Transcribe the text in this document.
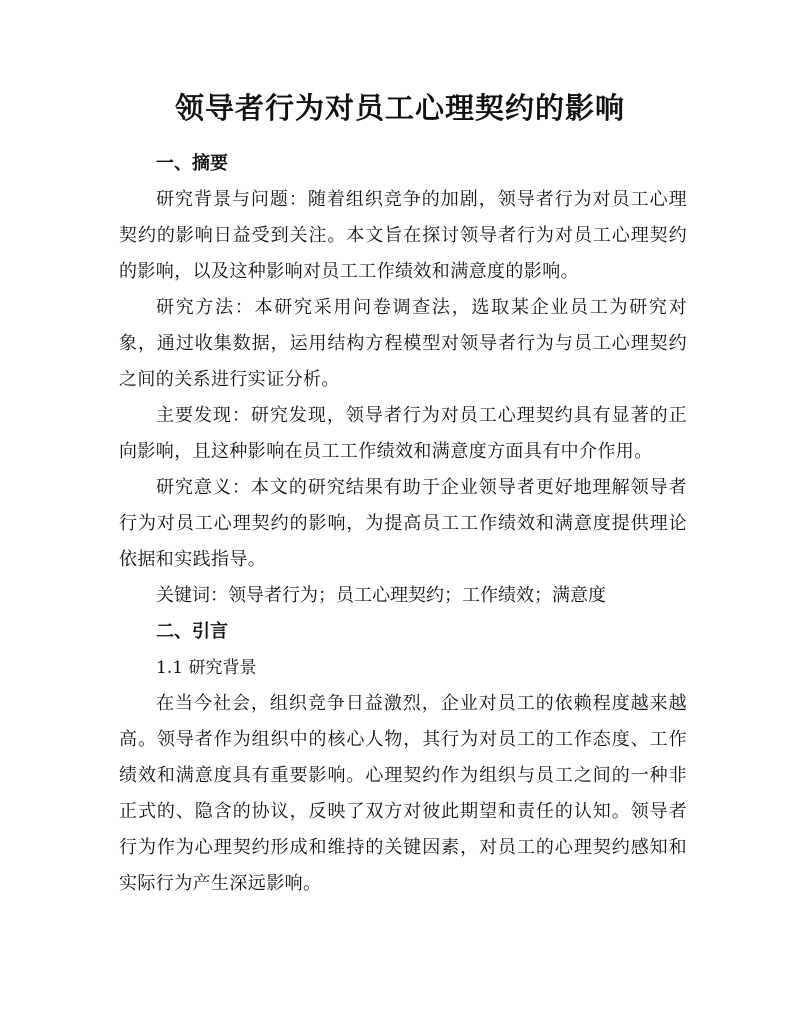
领导者行为对员工心理契约的影响

一、摘要

研究背景与问题：随着组织竞争的加剧，领导者行为对员工心理契约的影响日益受到关注。本文旨在探讨领导者行为对员工心理契约的影响，以及这种影响对员工工作绩效和满意度的影响。

研究方法：本研究采用问卷调查法，选取某企业员工为研究对象，通过收集数据，运用结构方程模型对领导者行为与员工心理契约之间的关系进行实证分析。

主要发现：研究发现，领导者行为对员工心理契约具有显著的正向影响，且这种影响在员工工作绩效和满意度方面具有中介作用。

研究意义：本文的研究结果有助于企业领导者更好地理解领导者行为对员工心理契约的影响，为提高员工工作绩效和满意度提供理论依据和实践指导。

关键词：领导者行为；员工心理契约；工作绩效；满意度

二、引言

1.1 研究背景

在当今社会，组织竞争日益激烈，企业对员工的依赖程度越来越高。领导者作为组织中的核心人物，其行为对员工的工作态度、工作绩效和满意度具有重要影响。心理契约作为组织与员工之间的一种非正式的、隐含的协议，反映了双方对彼此期望和责任的认知。领导者行为作为心理契约形成和维持的关键因素，对员工的心理契约感知和实际行为产生深远影响。
